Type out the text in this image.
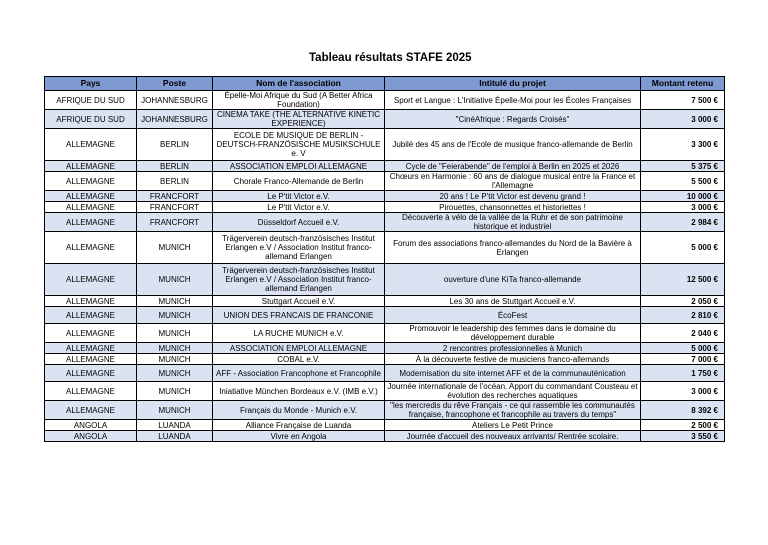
Tableau résultats STAFE 2025
Pays	Poste	Nom de l'association	Intitulé du projet	Montant retenu
AFRIQUE DU SUD	JOHANNESBURG	Épelle-Moi Afrique du Sud (A Better Africa Foundation)	Sport et Langue : L'Initiative Épelle-Moi pour les Écoles Françaises	7 500 €
AFRIQUE DU SUD	JOHANNESBURG	CINEMA TAKE (THE ALTERNATIVE KINETIC EXPERIENCE)	"CinéAfrique : Regards Croisés"	3 000 €
ALLEMAGNE	BERLIN	ECOLE DE MUSIQUE DE BERLIN - DEUTSCH-FRANZÖSISCHE MUSIKSCHULE e. V	Jubilé des 45 ans de l'Ecole de musique franco-allemande de Berlin	3 300 €
ALLEMAGNE	BERLIN	ASSOCIATION EMPLOI ALLEMAGNE	Cycle de "Feierabende" de l'emploi à Berlin en 2025 et 2026	5 375 €
ALLEMAGNE	BERLIN	Chorale Franco-Allemande de Berlin	Chœurs en Harmonie : 60 ans de dialogue musical entre la France et l'Allemagne	5 500 €
ALLEMAGNE	FRANCFORT	Le P'tit Victor e.V.	20 ans ! Le P'tit Victor est devenu grand !	10 000 €
ALLEMAGNE	FRANCFORT	Le P'tit Victor e.V.	Pirouettes, chansonnettes et historiettes !	3 000 €
ALLEMAGNE	FRANCFORT	Düsseldorf Accueil e.V.	Découverte à vélo de la vallée de la Ruhr et de son patrimoine historique et industriel	2 984 €
ALLEMAGNE	MUNICH	Trägerverein deutsch-französisches Institut Erlangen e.V / Association Institut franco-allemand Erlangen	Forum des associations franco-allemandes du Nord de la Bavière à Erlangen	5 000 €
ALLEMAGNE	MUNICH	Trägerverein deutsch-französisches Institut Erlangen e.V / Association Institut franco-allemand Erlangen	ouverture d'une KiTa franco-allemande	12 500 €
ALLEMAGNE	MUNICH	Stuttgart Accueil e.V.	Les 30 ans de Stuttgart Accueil e.V.	2 050 €
ALLEMAGNE	MUNICH	UNION DES FRANCAIS DE FRANCONIE	ÉcoFest	2 810 €
ALLEMAGNE	MUNICH	LA RUCHE MUNICH e.V.	Promouvoir le leadership des femmes dans le domaine du développement durable	2 040 €
ALLEMAGNE	MUNICH	ASSOCIATION EMPLOI ALLEMAGNE	2 rencontres professionnelles à Munich	5 000 €
ALLEMAGNE	MUNICH	COBAL e.V.	À la découverte festive de musiciens franco-allemands	7 000 €
ALLEMAGNE	MUNICH	AFF - Association Francophone et Francophile	Modernisation du site internet AFF et de la communauténication	1 750 €
ALLEMAGNE	MUNICH	Iniatiative München Bordeaux e.V. (IMB e.V.)	Journée internationale de l'océan. Apport du commandant Cousteau et évolution des recherches aquatiques	3 000 €
ALLEMAGNE	MUNICH	Français du Monde - Munich e.V.	"les mercredis du rêve Français - ce qui rassemble les communautés française, francophone et francophile au travers du temps"	8 392 €
ANGOLA	LUANDA	Alliance Française de Luanda	Ateliers Le Petit Prince	2 500 €
ANGOLA	LUANDA	Vivre en Angola	Journée d'accueil des nouveaux arrivants/ Rentrée scolaire.	3 550 €
